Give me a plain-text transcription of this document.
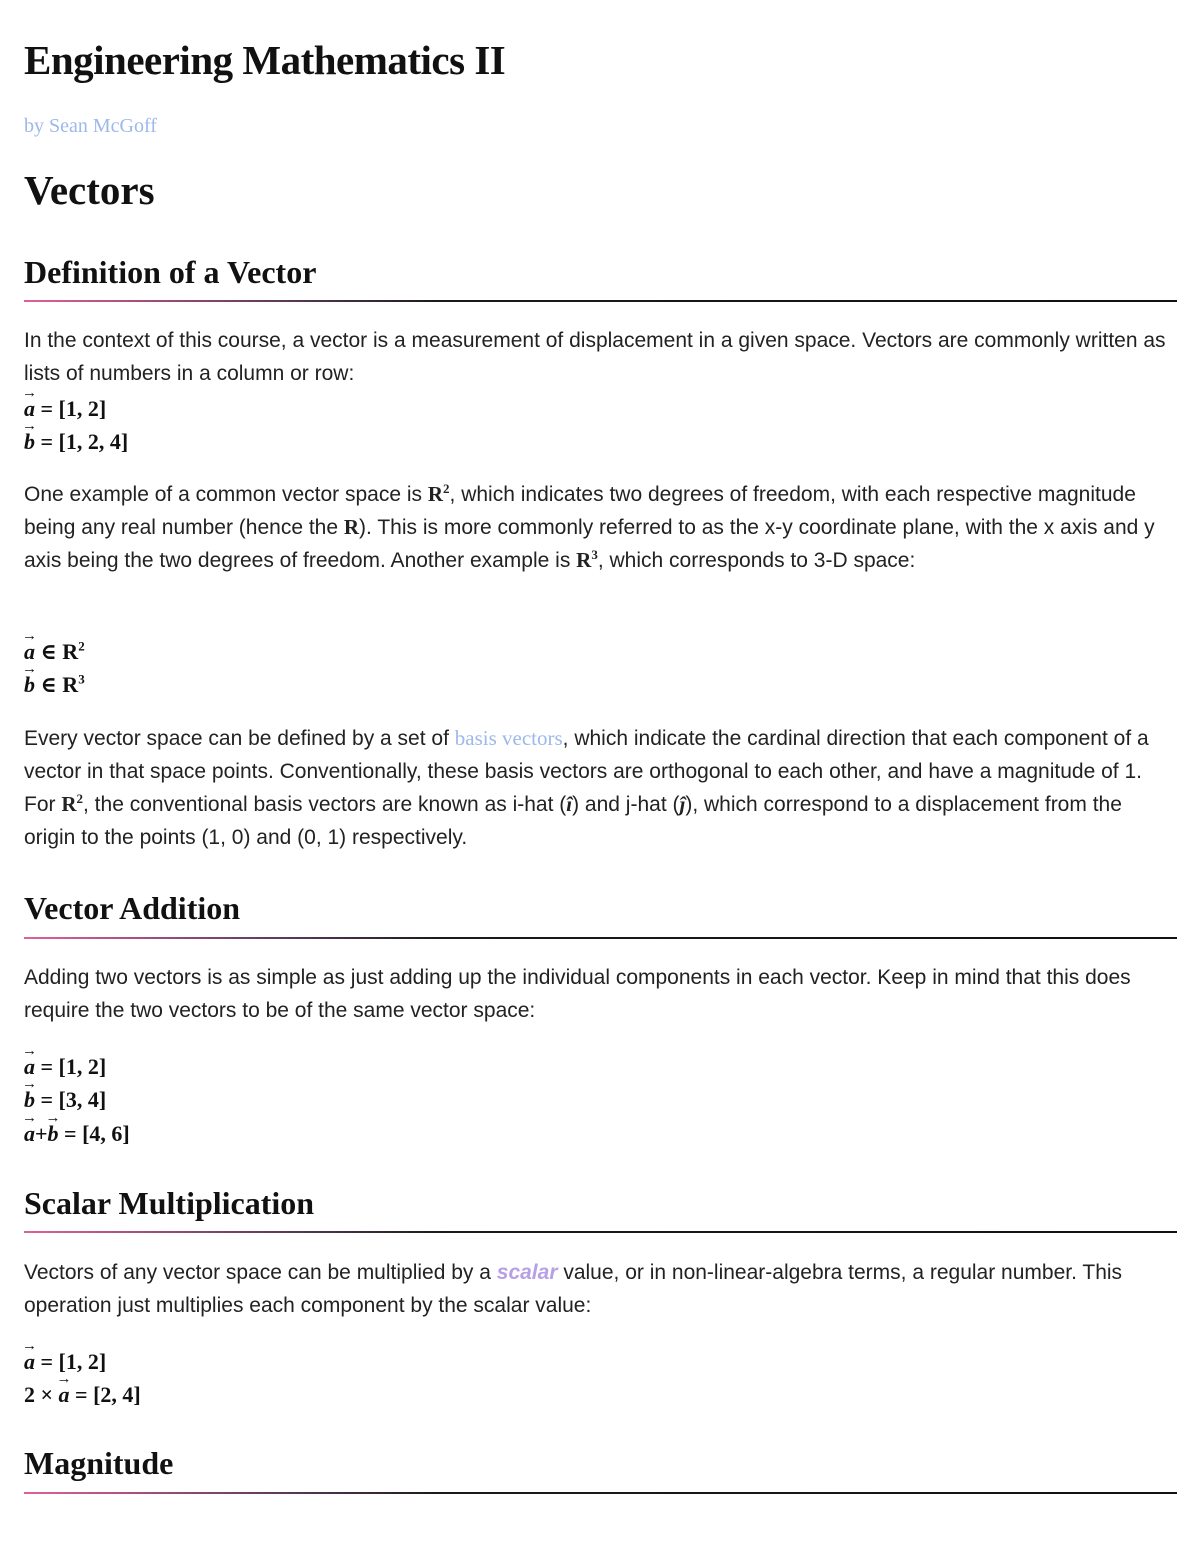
Engineering Mathematics II
by Sean McGoff
Vectors
Definition of a Vector

In the context of this course, a vector is a measurement of displacement in a given space. Vectors are commonly written as lists of numbers in a column or row:

→ a = [1, 2]
→ b = [1, 2, 4]

One example of a common vector space is $R^2$, which indicates two degrees of freedom, with each respective magnitude being any real number (hence the R). This is more commonly referred to as the x-y coordinate plane, with the x axis and y axis being the two degrees of freedom. Another example is $R^3$, which corresponds to 3-D space:

→ a ∈ $R^2$
→ b ∈ $R^3$

Every vector space can be defined by a set of basis vectors, which indicate the cardinal direction that each component of a vector in that space points. Conventionally, these basis vectors are orthogonal to each other, and have a magnitude of 1. For $R^2$, the conventional basis vectors are known as i-hat (î) and j-hat (ĵ), which correspond to a displacement from the origin to the points (1, 0) and (0, 1) respectively.

Vector Addition

Adding two vectors is as simple as just adding up the individual components in each vector. Keep in mind that this does require the two vectors to be of the same vector space:

→ a = [1, 2]
→ b = [3, 4]
→ a+→ b = [4, 6]
Scalar Multiplication

Vectors of any vector space can be multiplied by a scalar value, or in non-linear-algebra terms, a regular number. This operation just multiplies each component by the scalar value:

→ a = [1, 2]
2 × → a = [2, 4]
Magnitude
